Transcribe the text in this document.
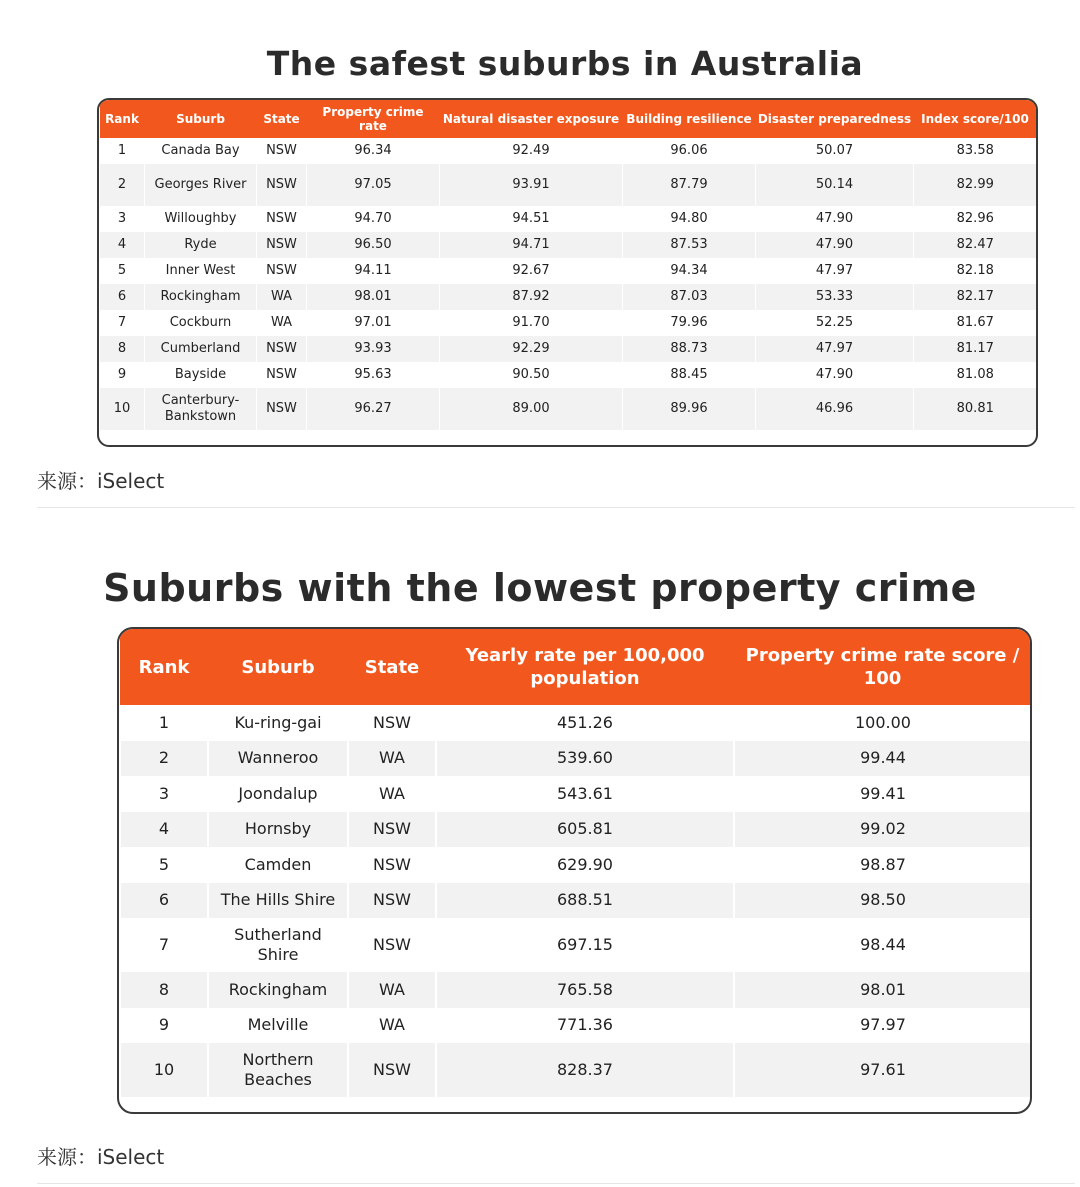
The safest suburbs in Australia
Rank	Suburb	State	Property crime rate	Natural disaster exposure	Building resilience	Disaster preparedness	Index score/100
1	Canada Bay	NSW	96.34	92.49	96.06	50.07	83.58
2	Georges River	NSW	97.05	93.91	87.79	50.14	82.99
3	Willoughby	NSW	94.70	94.51	94.80	47.90	82.96
4	Ryde	NSW	96.50	94.71	87.53	47.90	82.47
5	Inner West	NSW	94.11	92.67	94.34	47.97	82.18
6	Rockingham	WA	98.01	87.92	87.03	53.33	82.17
7	Cockburn	WA	97.01	91.70	79.96	52.25	81.67
8	Cumberland	NSW	93.93	92.29	88.73	47.97	81.17
9	Bayside	NSW	95.63	90.50	88.45	47.90	81.08
10	Canterbury-Bankstown	NSW	96.27	89.00	89.96	46.96	80.81
来源：iSelect
Suburbs with the lowest property crime
Rank	Suburb	State	Yearly rate per 100,000 population	Property crime rate score / 100
1	Ku-ring-gai	NSW	451.26	100.00
2	Wanneroo	WA	539.60	99.44
3	Joondalup	WA	543.61	99.41
4	Hornsby	NSW	605.81	99.02
5	Camden	NSW	629.90	98.87
6	The Hills Shire	NSW	688.51	98.50
7	Sutherland Shire	NSW	697.15	98.44
8	Rockingham	WA	765.58	98.01
9	Melville	WA	771.36	97.97
10	Northern Beaches	NSW	828.37	97.61
来源：iSelect
